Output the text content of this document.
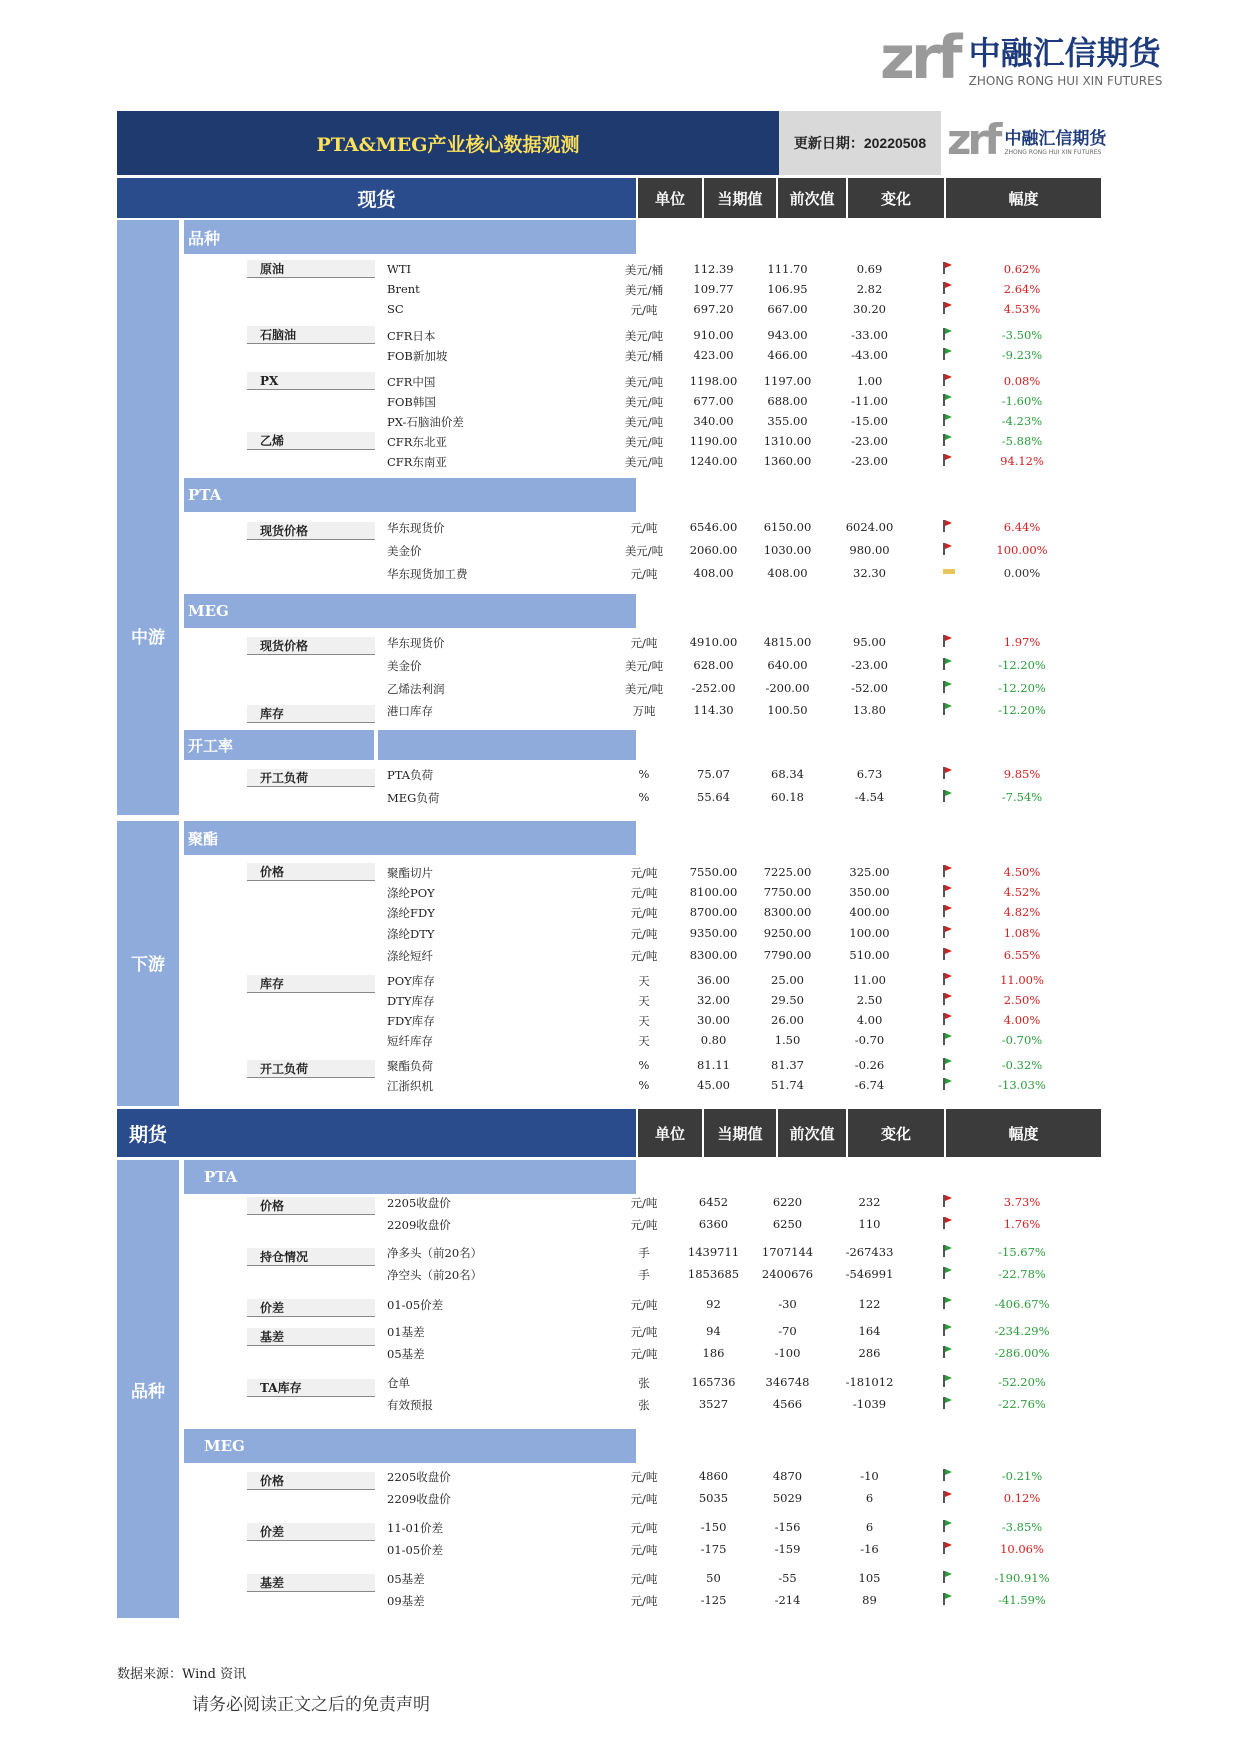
zrf 中融汇信期货
ZHONG RONG HUI XIN FUTURES
PTA&MEG产业核心数据观测	更新日期：20220508 zrf 中融汇信期货
ZHONG RONG HUI XIN FUTURES
现货	单位	当期值	前次值	变化	幅度
中游
下游
品种
PTA
MEG
开工率
聚酯
原油
石脑油
PX
乙烯
现货价格
现货价格
库存
开工负荷
价格
库存
开工负荷
WTI	美元/桶	112.39	111.70	0.69	0.62%
Brent	美元/桶	109.77	106.95	2.82	2.64%
SC	元/吨	697.20	667.00	30.20	4.53%
CFR日本	美元/吨	910.00	943.00	-33.00	-3.50%
FOB新加坡	美元/桶	423.00	466.00	-43.00	-9.23%
CFR中国	美元/吨	1198.00	1197.00	1.00	0.08%
FOB韩国	美元/吨	677.00	688.00	-11.00	-1.60%
PX-石脑油价差	美元/吨	340.00	355.00	-15.00	-4.23%
CFR东北亚	美元/吨	1190.00	1310.00	-23.00	-5.88%
CFR东南亚	美元/吨	1240.00	1360.00	-23.00	94.12%
华东现货价	元/吨	6546.00	6150.00	6024.00	6.44%
美金价	美元/吨	2060.00	1030.00	980.00	100.00%
华东现货加工费	元/吨	408.00	408.00	32.30	0.00%
华东现货价	元/吨	4910.00	4815.00	95.00	1.97%
美金价	美元/吨	628.00	640.00	-23.00	-12.20%
乙烯法利润	美元/吨	-252.00	-200.00	-52.00	-12.20%
港口库存	万吨	114.30	100.50	13.80	-12.20%
PTA负荷	%	75.07	68.34	6.73	9.85%
MEG负荷	%	55.64	60.18	-4.54	-7.54%
聚酯切片	元/吨	7550.00	7225.00	325.00	4.50%
涤纶POY	元/吨	8100.00	7750.00	350.00	4.52%
涤纶FDY	元/吨	8700.00	8300.00	400.00	4.82%
涤纶DTY	元/吨	9350.00	9250.00	100.00	1.08%
涤纶短纤	元/吨	8300.00	7790.00	510.00	6.55%
POY库存	天	36.00	25.00	11.00	11.00%
DTY库存	天	32.00	29.50	2.50	2.50%
FDY库存	天	30.00	26.00	4.00	4.00%
短纤库存	天	0.80	1.50	-0.70	-0.70%
聚酯负荷	%	81.11	81.37	-0.26	-0.32%
江浙织机	%	45.00	51.74	-6.74	-13.03%
期货	单位	当期值	前次值	变化	幅度
品种
PTA
MEG
价格
持仓情况
价差
基差
TA库存
价格
价差
基差
2205收盘价	元/吨	6452	6220	232	3.73%
2209收盘价	元/吨	6360	6250	110	1.76%
净多头（前20名）	手	1439711	1707144	-267433	-15.67%
净空头（前20名）	手	1853685	2400676	-546991	-22.78%
01-05价差	元/吨	92	-30	122	-406.67%
01基差	元/吨	94	-70	164	-234.29%
05基差	元/吨	186	-100	286	-286.00%
仓单	张	165736	346748	-181012	-52.20%
有效预报	张	3527	4566	-1039	-22.76%
2205收盘价	元/吨	4860	4870	-10	-0.21%
2209收盘价	元/吨	5035	5029	6	0.12%
11-01价差	元/吨	-150	-156	6	-3.85%
01-05价差	元/吨	-175	-159	-16	10.06%
05基差	元/吨	50	-55	105	-190.91%
09基差	元/吨	-125	-214	89	-41.59%
数据来源：Wind 资讯
请务必阅读正文之后的免责声明
